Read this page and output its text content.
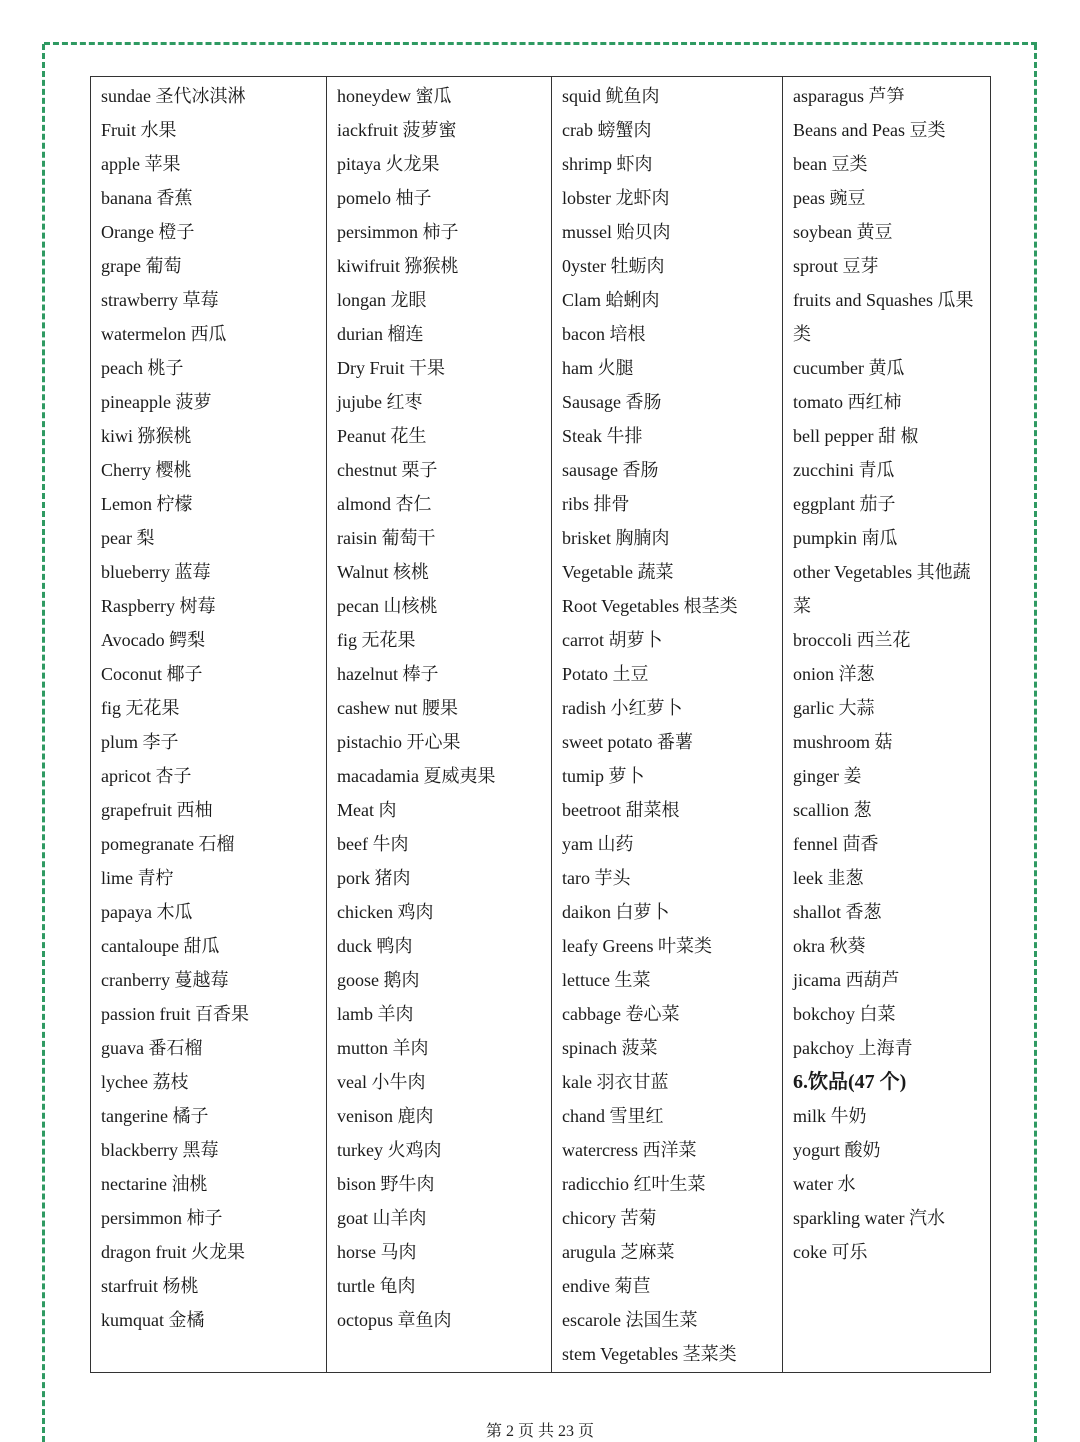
sundae 圣代冰淇淋
Fruit 水果
apple 苹果
banana 香蕉
Orange 橙子
grape 葡萄
strawberry 草莓
watermelon 西瓜
peach 桃子
pineapple 菠萝
kiwi 猕猴桃
Cherry 樱桃
Lemon 柠檬
pear 梨
blueberry 蓝莓
Raspberry 树莓
Avocado 鳄梨
Coconut 椰子
fig 无花果
plum 李子
apricot 杏子
grapefruit 西柚
pomegranate 石榴
lime 青柠
papaya 木瓜
cantaloupe 甜瓜
cranberry 蔓越莓
passion fruit 百香果
guava 番石榴
lychee 荔枝
tangerine 橘子
blackberry 黑莓
nectarine 油桃
persimmon 柿子
dragon fruit 火龙果
starfruit 杨桃
kumquat 金橘
honeydew 蜜瓜
iackfruit 菠萝蜜
pitaya 火龙果
pomelo 柚子
persimmon 柿子
kiwifruit 猕猴桃
longan 龙眼
durian 榴连
Dry Fruit 干果
jujube 红枣
Peanut 花生
chestnut 栗子
almond 杏仁
raisin 葡萄干
Walnut 核桃
pecan 山核桃
fig 无花果
hazelnut 棒子
cashew nut 腰果
pistachio 开心果
macadamia 夏威夷果
Meat 肉
beef 牛肉
pork 猪肉
chicken 鸡肉
duck 鸭肉
goose 鹅肉
lamb 羊肉
mutton 羊肉
veal 小牛肉
venison 鹿肉
turkey 火鸡肉
bison 野牛肉
goat 山羊肉
horse 马肉
turtle 龟肉
octopus 章鱼肉
squid 鱿鱼肉
crab 螃蟹肉
shrimp 虾肉
lobster 龙虾肉
mussel 贻贝肉
0yster 牡蛎肉
Clam 蛤蜊肉
bacon 培根
ham 火腿
Sausage 香肠
Steak 牛排
sausage 香肠
ribs 排骨
brisket 胸腩肉
Vegetable 蔬菜
Root Vegetables 根茎类
carrot 胡萝卜
Potato 土豆
radish 小红萝卜
sweet potato 番薯
tumip 萝卜
beetroot 甜菜根
yam 山药
taro 芋头
daikon 白萝卜
leafy Greens 叶菜类
lettuce 生菜
cabbage 卷心菜
spinach 菠菜
kale 羽衣甘蓝
chand 雪里红
watercress 西洋菜
radicchio 红叶生菜
chicory 苦菊
arugula 芝麻菜
endive 菊苣
escarole 法国生菜
stem Vegetables 茎菜类
asparagus 芦笋
Beans and Peas 豆类
bean 豆类
peas 豌豆
soybean 黄豆
sprout 豆芽
fruits and Squashes 瓜果
类
cucumber 黄瓜
tomato 西红柿
bell pepper 甜 椒
zucchini 青瓜
eggplant 茄子
pumpkin 南瓜
other Vegetables 其他蔬
菜
broccoli 西兰花
onion 洋葱
garlic 大蒜
mushroom 菇
ginger 姜
scallion 葱
fennel 茴香
leek 韭葱
shallot 香葱
okra 秋葵
jicama 西葫芦
bokchoy 白菜
pakchoy 上海青
6.饮品(47 个)
milk 牛奶
yogurt 酸奶
water 水
sparkling water 汽水
coke 可乐
第 2 页 共 23 页
